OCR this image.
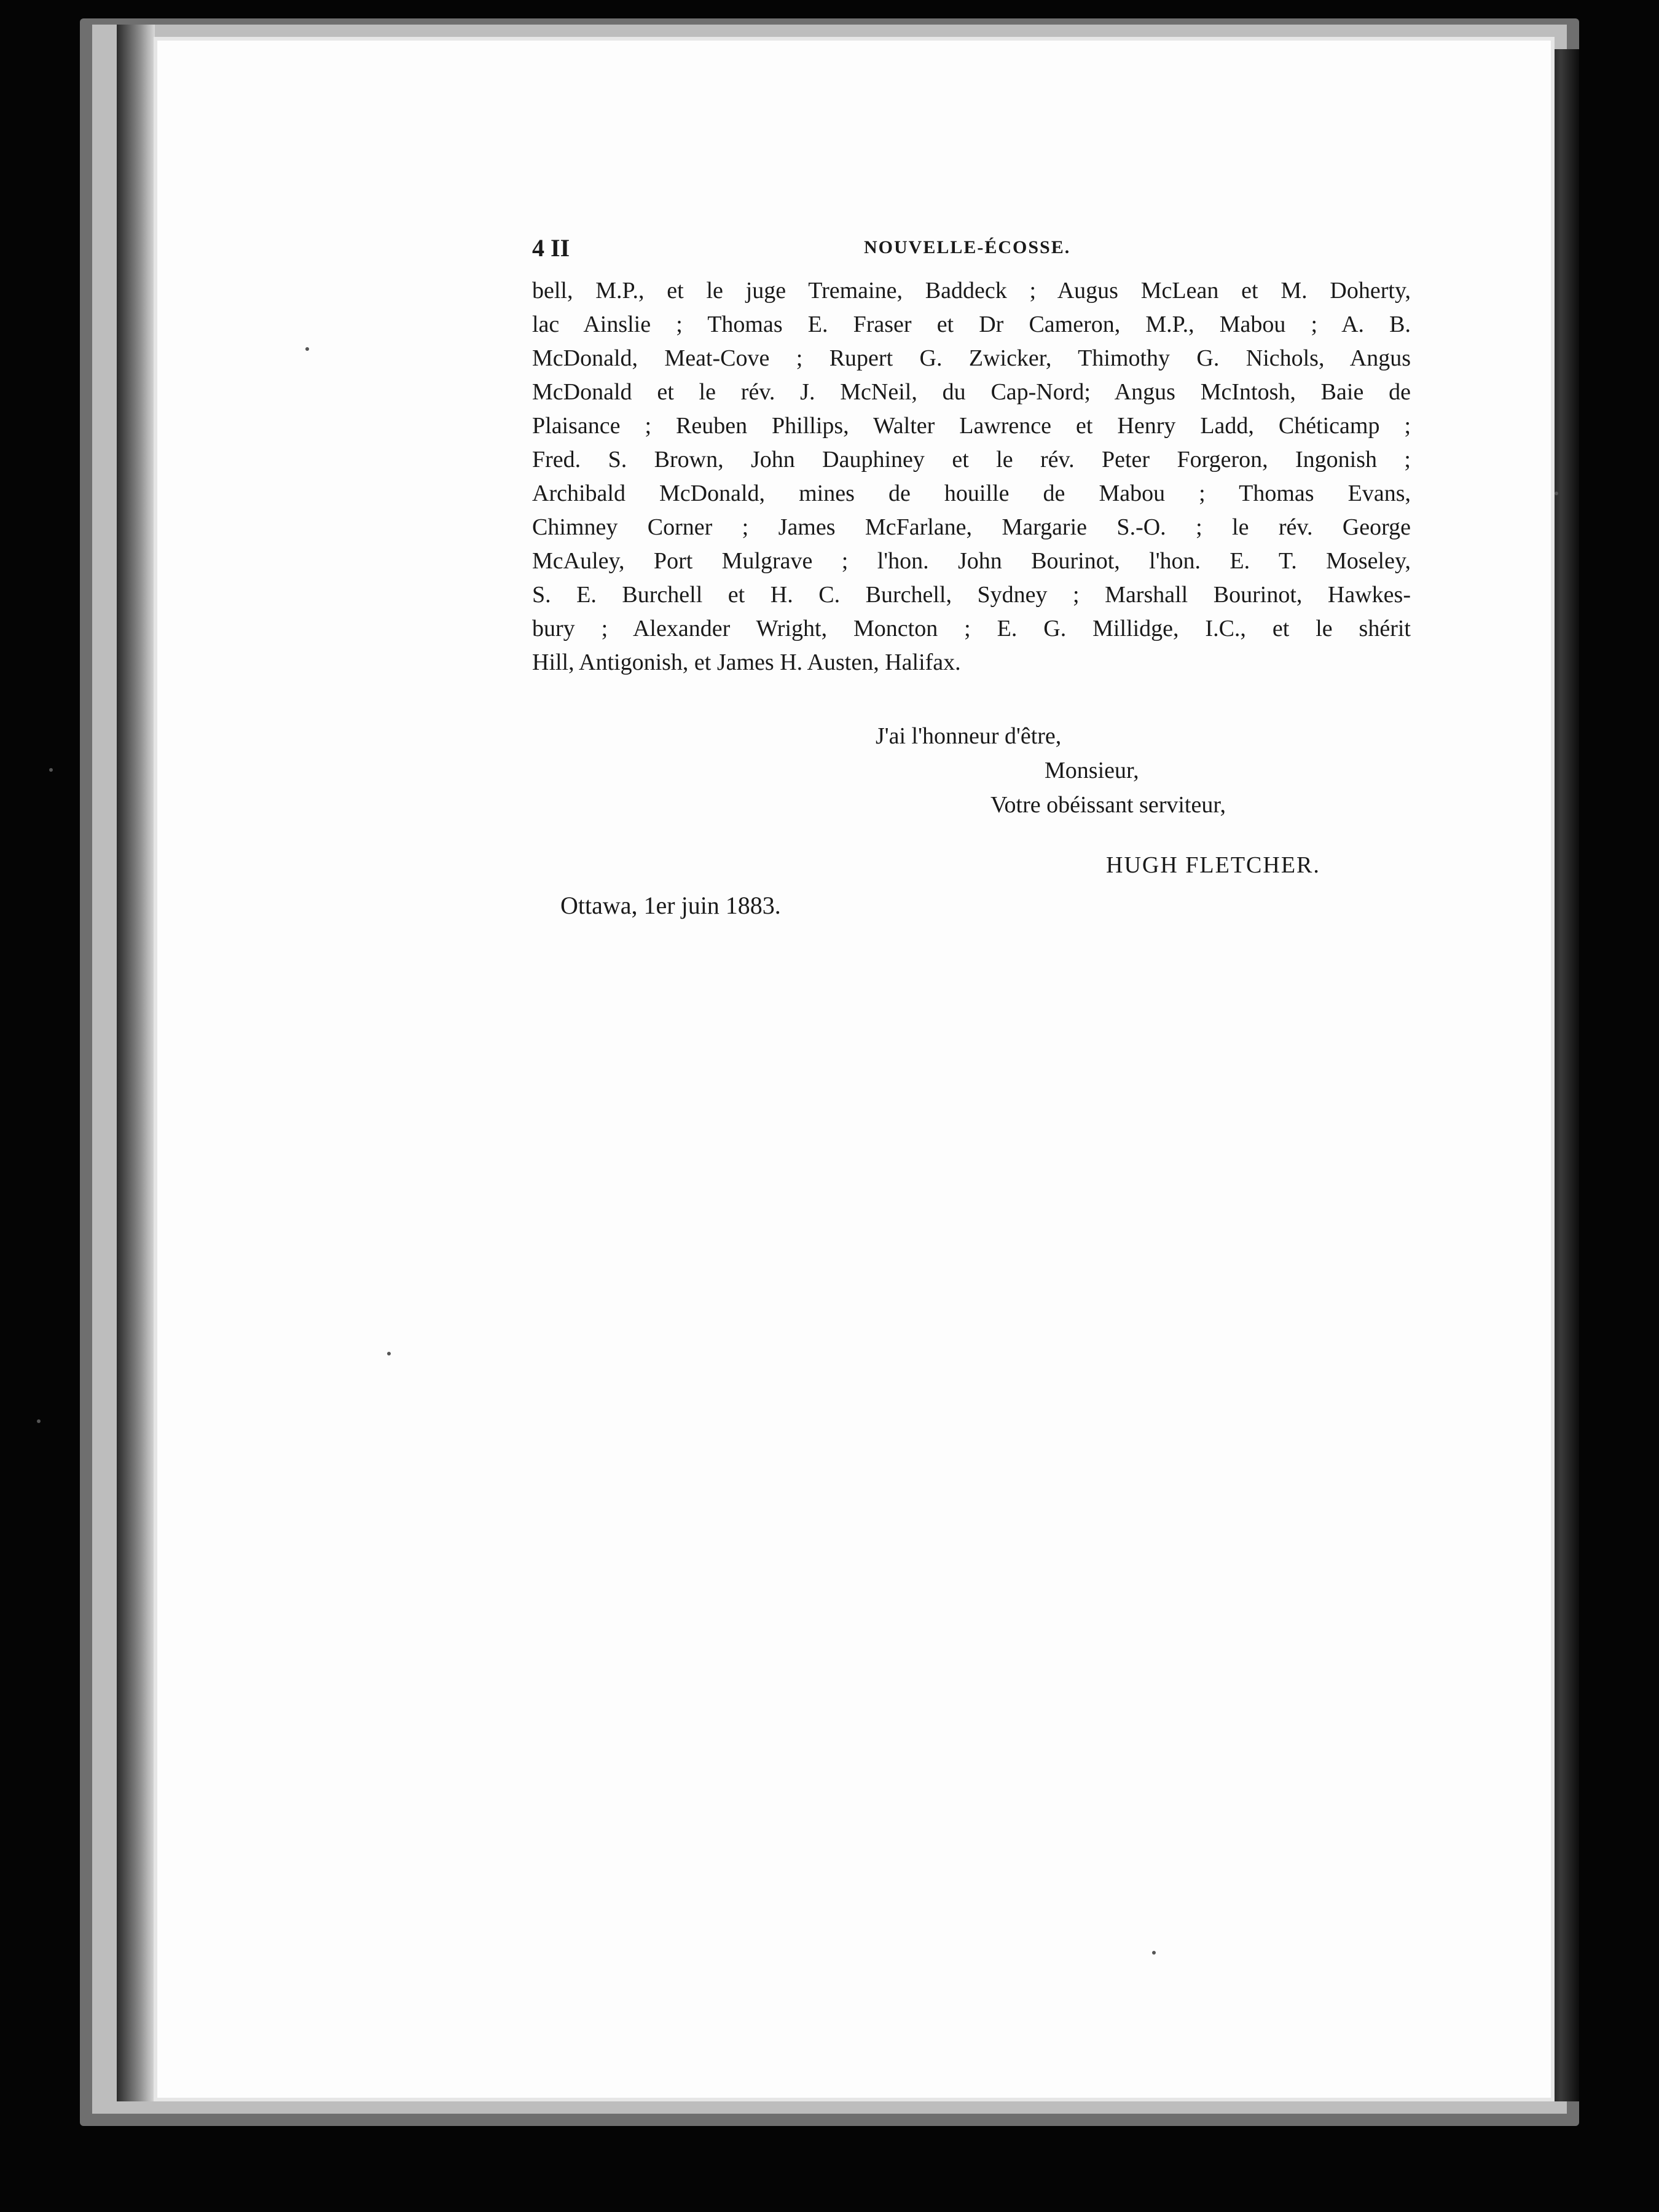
4 II	NOUVELLE-ÉCOSSE.
bell, M.P., et le juge Tremaine, Baddeck ; Augus McLean et M. Doherty,
lac Ainslie ; Thomas E. Fraser et Dr Cameron, M.P., Mabou ; A. B.
McDonald, Meat-Cove ; Rupert G. Zwicker, Thimothy G. Nichols, Angus
McDonald et le rév. J. McNeil, du Cap-Nord; Angus McIntosh, Baie de
Plaisance ; Reuben Phillips, Walter Lawrence et Henry Ladd, Chéticamp ;
Fred. S. Brown, John Dauphiney et le rév. Peter Forgeron, Ingonish ;
Archibald McDonald, mines de houille de Mabou ; Thomas Evans,
Chimney Corner ; James McFarlane, Margarie S.-O. ; le rév. George
McAuley, Port Mulgrave ; l'hon. John Bourinot, l'hon. E. T. Moseley,
S. E. Burchell et H. C. Burchell, Sydney ; Marshall Bourinot, Hawkes-
bury ; Alexander Wright, Moncton ; E. G. Millidge, I.C., et le shérit
Hill, Antigonish, et James H. Austen, Halifax.
J'ai l'honneur d'être,
Monsieur,
Votre obéissant serviteur,
HUGH FLETCHER.
Ottawa, 1er juin 1883.
